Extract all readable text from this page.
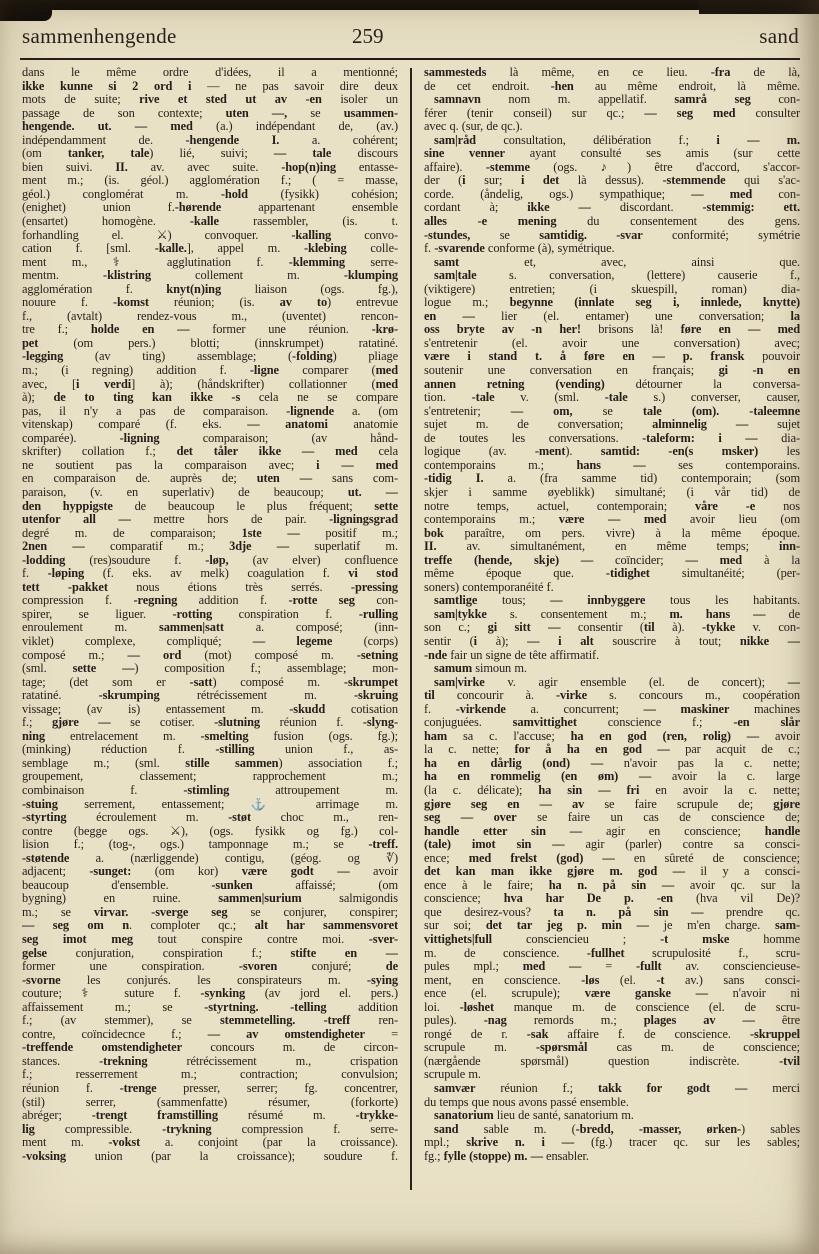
sammenhengende	259	sand
dans le même ordre d'idées, il a mentionné;
ikke kunne si 2 ord i — ne pas savoir dire deux
mots de suite; rive et sted ut av -en isoler un
passage de son contexte; uten —, se usammen-
hengende. ut. — med (a.) indépendant de, (av.)
indépendamment de. -hengende I. a. cohérent;
(om tanker, tale) lié, suivi; — tale discours
bien suivi. II. av. avec suite. -hop(n)ing entasse-
ment m.; (is. géol.) agglomération f.; ( = masse,
géol.) conglomérat m. -hold (fysikk) cohésion;
(enighet) union f.-hørende appartenant ensemble
(ensartet) homogène. -kalle rassembler, (is. t.
forhandling el. ⚔) convoquer. -kalling convo-
cation f. [sml. -kalle.], appel m. -klebing colle-
ment m., ⚕ agglutination f. -klemming serre-
mentm. -klistring collement m. -klumping
agglomération f. knyt(n)ing liaison (ogs. fg.),
nouure f. -komst réunion; (is. av to) entrevue
f., (avtalt) rendez-vous m., (uventet) rencon-
tre f.; holde en — former une réunion. -krø-
pet (om pers.) blotti; (innskrumpet) ratatiné.
-legging (av ting) assemblage; (-folding) pliage
m.; (i regning) addition f. -ligne comparer (med
avec, [i verdi] à); (håndskrifter) collationner (med
à); de to ting kan ikke -s cela ne se compare
pas, il n'y a pas de comparaison. -lignende a. (om
vitenskap) comparé (f. eks. — anatomi anatomie
comparée). -ligning comparaison; (av hånd-
skrifter) collation f.; det tåler ikke — med cela
ne soutient pas la comparaison avec; i — med
en comparaison de. auprès de; uten — sans com-
paraison, (v. en superlativ) de beaucoup; ut. —
den hyppigste de beaucoup le plus fréquent; sette
utenfor all — mettre hors de pair. -ligningsgrad
degré m. de comparaison; 1ste — positif m.;
2nen — comparatif m.; 3dje — superlatif m.
-lodding (res)soudure f. -løp, (av elver) confluence
f. -løping (f. eks. av melk) coagulation f. vi stod
tett -pakket nous étions très serrés. -pressing
compression f. -regning addition f. -rotte seg con-
spirer, se liguer. -rotting conspiration f. -rulling
enroulement m. sammen|satt a. composé; (inn-
viklet) complexe, compliqué; — legeme (corps)
composé m.; — ord (mot) composé m. -setning
(sml. sette —) composition f.; assemblage; mon-
tage; (det som er -satt) composé m. -skrumpet
ratatiné. -skrumping rétrécissement m. -skruing
vissage; (av is) entassement m. -skudd cotisation
f.; gjøre — se cotiser. -slutning réunion f. -slyng-
ning entrelacement m. -smelting fusion (ogs. fg.);
(minking) réduction f. -stilling union f., as-
semblage m.; (sml. stille sammen) association f.;
groupement, classement; rapprochement m.;
combinaison f. -stimling attroupement m.
-stuing serrement, entassement; ⚓ arrimage m.
-styrting écroulement m. -støt choc m., ren-
contre (begge ogs. ⚔), (ogs. fysikk og fg.) col-
lision f.; (tog-, ogs.) tamponnage m.; se -treff.
-støtende a. (nærliggende) contigu, (géog. og ∜)
adjacent; -sunget: (om kor) være godt — avoir
beaucoup d'ensemble. -sunken affaissé; (om
bygning) en ruine. sammen|surium salmigondis
m.; se virvar. -sverge seg se conjurer, conspirer;
— seg om n. comploter qc.; alt har sammensvoret
seg imot meg tout conspire contre moi. -sver-
gelse conjuration, conspiration f.; stifte en —
former une conspiration. -svoren conjuré; de
-svorne les conjurés. les conspirateurs m. -sying
couture; ⚕ suture f. -synking (av jord el. pers.)
affaissement m.; se -styrtning. -telling addition
f.; (av stemmer), se stemmetelling. -treff ren-
contre, coïncidecnce f.; — av omstendigheter =
-treffende omstendigheter concours m. de circon-
stances. -trekning rétrécissement m., crispation
f.; resserrement m.; contraction; convulsion;
réunion f. -trenge presser, serrer; fg. concentrer,
(stil) serrer, (sammenfatte) résumer, (forkorte)
abréger; -trengt framstilling résumé m. -trykke-
lig compressible. -trykning compression f. serre-
ment m. -vokst a. conjoint (par la croissance).
-voksing union (par la croissance); soudure f.
sammesteds là même, en ce lieu. -fra de là,
de cet endroit. -hen au même endroit, là même.
samnavn nom m. appellatif. samrå seg con-
férer (tenir conseil) sur qc.; — seg med consulter
avec q. (sur, de qc.).
sam|råd consultation, délibération f.; i — m.
sine venner ayant consulté ses amis (sur cette
affaire). -stemme (ogs. ♪) être d'accord, s'accor-
der (i sur; i det là dessus). -stemmende qui s'ac-
corde. (åndelig, ogs.) sympathique; — med con-
cordant à; ikke — discordant. -stemmig: ett.
alles -e mening du consentement des gens.
-stundes, se samtidig. -svar conformité; symétrie
f. -svarende conforme (à), symétrique.
samt et, avec, ainsi que.
sam|tale s. conversation, (lettere) causerie f.,
(viktigere) entretien; (i skuespill, roman) dia-
logue m.; begynne (innlate seg i, innlede, knytte)
en — lier (el. entamer) une conversation; la
oss bryte av -n her! brisons là! føre en — med
s'entretenir (el. avoir une conversation) avec;
være i stand t. å føre en — p. fransk pouvoir
soutenir une conversation en français; gi -n en
annen retning (vending) détourner la conversa-
tion. -tale v. (sml. -tale s.) converser, causer,
s'entretenir; — om, se tale (om). -taleemne
sujet m. de conversation; alminnelig — sujet
de toutes les conversations. -taleform: i — dia-
logique (av. -ment). samtid: -en(s msker) les
contemporains m.; hans — ses contemporains.
-tidig I. a. (fra samme tid) contemporain; (som
skjer i samme øyeblikk) simultané; (i vår tid) de
notre temps, actuel, contemporain; våre -e nos
contemporains m.; være — med avoir lieu (om
bok paraître, om pers. vivre) à la même époque.
II. av. simultanément, en même temps; inn-
treffe (hende, skje) — coïncider; — med à la
même époque que. -tidighet simultanéité; (per-
soners) contemporanéité f.
samtlige tous; — innbyggere tous les habitants.
sam|tykke s. consentement m.; m. hans — de
son c.; gi sitt — consentir (til à). -tykke v. con-
sentir (i à); — i alt souscrire à tout; nikke —
-nde fair un signe de tête affirmatif.
samum simoun m.
sam|virke v. agir ensemble (el. de concert); —
til concourir à. -virke s. concours m., coopération
f. -virkende a. concurrent; — maskiner machines
conjuguées. samvittighet conscience f.; -en slår
ham sa c. l'accuse; ha en god (ren, rolig) — avoir
la c. nette; for å ha en god — par acquit de c.;
ha en dårlig (ond) — n'avoir pas la c. nette;
ha en rommelig (en øm) — avoir la c. large
(la c. délicate); ha sin — fri en avoir la c. nette;
gjøre seg en — av se faire scrupule de; gjøre
seg — over se faire un cas de conscience de;
handle etter sin — agir en conscience; handle
(tale) imot sin — agir (parler) contre sa consci-
ence; med frelst (god) — en sûreté de conscience;
det kan man ikke gjøre m. god — il y a consci-
ence à le faire; ha n. på sin — avoir qc. sur la
conscience; hva har De p. -en (hva vil De)?
que desirez-vous? ta n. på sin — prendre qc.
sur soi; det tar jeg p. min — je m'en charge. sam-
vittighets|full consciencieu ; -t mske homme
m. de conscience. -fullhet scrupulosité f., scru-
pules mpl.; med — = -fullt av. consciencieuse-
ment, en conscience. -løs (el. -t av.) sans consci-
ence (el. scrupule); være ganske — n'avoir ni
loi. -løshet manque m. de conscience (el. de scru-
pules). -nag remords m.; plages av — être
rongé de r. -sak affaire f. de conscience. -skruppel
scrupule m. -spørsmål cas m. de conscience;
(nærgående spørsmål) question indiscrète. -tvil
scrupule m.
samvær réunion f.; takk for godt — merci
du temps que nous avons passé ensemble.
sanatorium lieu de santé, sanatorium m.
sand sable m. (-bredd, -masser, ørken-) sables
mpl.; skrive n. i — (fg.) tracer qc. sur les sables;
fg.; fylle (stoppe) m. — ensabler.
